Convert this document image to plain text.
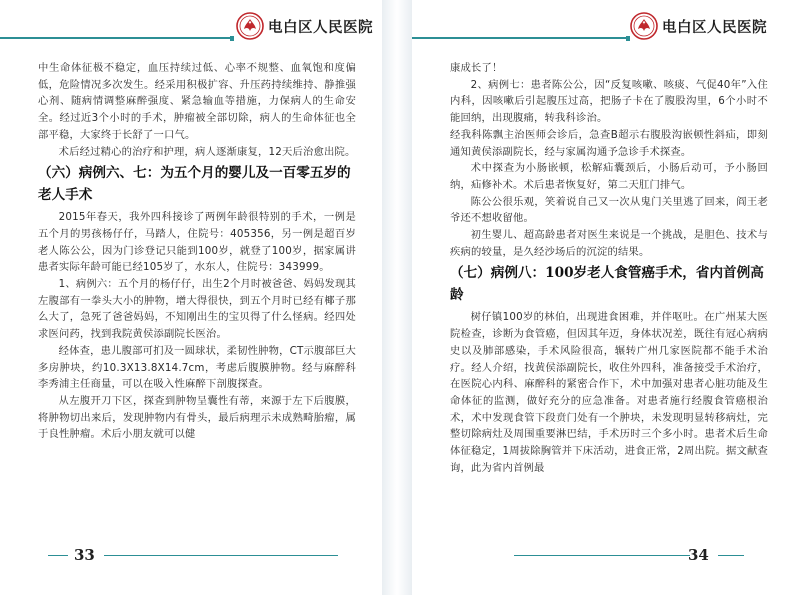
电白区人民医院

中生命体征极不稳定，血压持续过低、心率不规整、血氧饱和度偏低，危险情况多次发生。经采用积极扩容、升压药持续维持、静推强心剂、随病情调整麻醉强度、紧急输血等措施，力保病人的生命安全。经过近3个小时的手术，肿瘤被全部切除，病人的生命体征也全部平稳，大家终于长舒了一口气。

术后经过精心的治疗和护理，病人逐渐康复，12天后治愈出院。

（六）病例六、七：为五个月的婴儿及一百零五岁的老人手术

2015年春天，我外四科接诊了两例年龄很特别的手术，一例是五个月的男孩杨仔仔，马踏人，住院号：405356，另一例是超百岁老人陈公公，因为门诊登记只能到100岁，就登了100岁，据家属讲患者实际年龄可能已经105岁了，水东人，住院号：343999。

1、病例六：五个月的杨仔仔，出生2个月时被爸爸、妈妈发现其左腹部有一拳头大小的肿物，增大得很快，到五个月时已经有椰子那么大了，急死了爸爸妈妈，不知刚出生的宝贝得了什么怪病。经四处求医问药，找到我院黄侯添副院长医治。

经体查，患儿腹部可扪及一圆球状，柔韧性肿物，CT示腹部巨大多房肿块，约10.3X13.8X14.7cm，考虑后腹膜肿物。经与麻醉科李秀浦主任商量，可以在吸入性麻醉下剖腹探查。

从左腹开刀下区，探查到肿物呈囊性有蒂，来源于左下后腹膜，将肿物切出来后，发现肿物内有骨头，最后病理示未成熟畸胎瘤，属于良性肿瘤。术后小朋友就可以健

33
电白区人民医院

康成长了！

2、病例七：患者陈公公，因“反复咳嗽、咳痰、气促40年”入住内科，因咳嗽后引起腹压过高，把肠子卡在了腹股沟里，6个小时不能回纳，出现腹痛，转我科诊治。

经我科陈飘主治医师会诊后，急查B超示右腹股沟嵌顿性斜疝，即刻通知黄侯添副院长，经与家属沟通予急诊手术探查。

术中探查为小肠嵌顿，松解疝囊颈后，小肠后动可，予小肠回纳，疝修补术。术后患者恢复好，第二天肛门排气。

陈公公很乐观，笑着说自己又一次从鬼门关里逃了回来，阎王老爷还不想收留他。

初生婴儿、超高龄患者对医生来说是一个挑战，是胆色、技术与疾病的较量，是久经沙场后的沉淀的结果。

（七）病例八：100岁老人食管癌手术，省内首例高龄

树仔镇100岁的林伯，出现进食困难，并伴呕吐。在广州某大医院检查，诊断为食管癌，但因其年迈，身体状况差，既往有冠心病病史以及肺部感染，手术风险很高，辗转广州几家医院都不能手术治疗。经人介绍，找黄侯添副院长，收住外四科，准备接受手术治疗，在医院心内科、麻醉科的紧密合作下，术中加强对患者心脏功能及生命体征的监测，做好充分的应急准备。对患者施行经腹食管癌根治术，术中发现食管下段贲门处有一个肿块，未发现明显转移病灶，完整切除病灶及周围重要淋巴结，手术历时三个多小时。患者术后生命体征稳定，1周拔除胸管并下床活动，进食正常，2周出院。据文献查询，此为省内首例最

34
